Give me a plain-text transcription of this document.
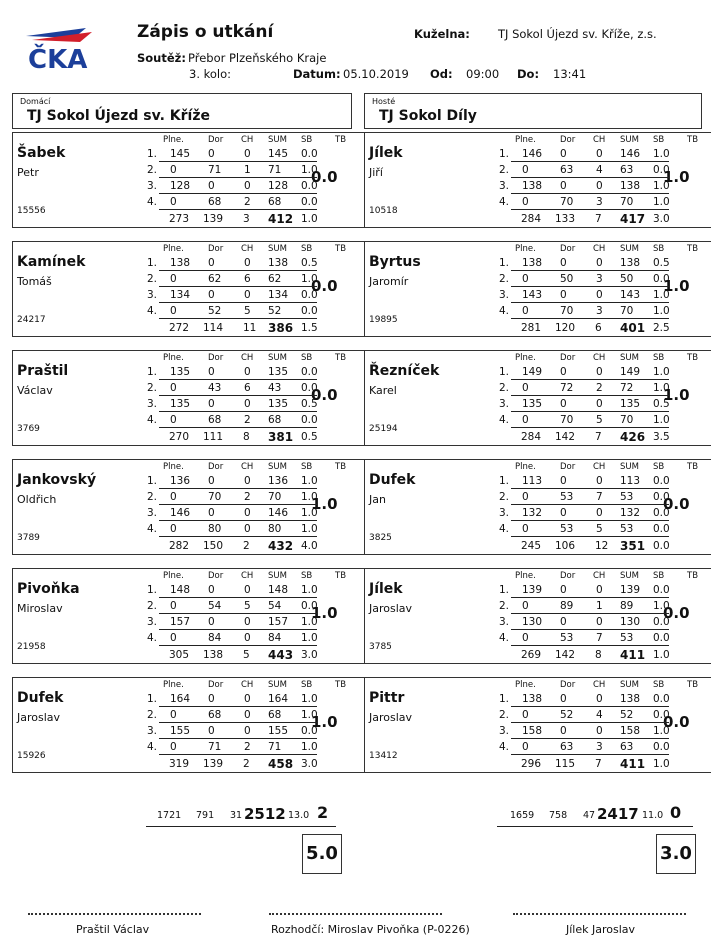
ČKA
Zápis o utkání
Soutěž: Přebor Plzeňského Kraje
3. kolo:	Datum: 05.10.2019 Od: 09:00 Do: 13:41
Kuželna: TJ Sokol Újezd sv. Kříže, z.s.
Domácí
TJ Sokol Újezd sv. Kříže
Hosté
TJ Sokol Díly
Šabek
Petr
15556
0.0
Plne.	Dor CH SUM SB	TB
1. 145 0	0 145 0.0
2. 0	71 1 71 1.0
3. 128 0	0 128 0.0
4. 0	68 2 68 0.0
273 139 3 412 1.0
Kamínek
Tomáš
24217
0.0
Plne.	Dor CH SUM SB	TB
1. 138 0	0 138 0.5
2. 0	62 6 62 1.0
3. 134 0	0 134 0.0
4. 0	52 5 52 0.0
272 114 11 386 1.5
Praštil
Václav
3769
0.0
Plne.	Dor CH SUM SB	TB
1. 135 0	0 135 0.0
2. 0	43 6 43 0.0
3. 135 0	0 135 0.5
4. 0	68 2 68 0.0
270 111 8 381 0.5
Jankovský
Oldřich
3789
1.0
Plne.	Dor CH SUM SB	TB
1. 136 0	0 136 1.0
2. 0	70 2 70 1.0
3. 146 0	0 146 1.0
4. 0	80 0 80 1.0
282 150 2 432 4.0
Pivoňka
Miroslav
21958
1.0
Plne.	Dor CH SUM SB	TB
1. 148 0	0 148 1.0
2. 0	54 5 54 0.0
3. 157 0	0 157 1.0
4. 0	84 0 84 1.0
305 138 5 443 3.0
Dufek
Jaroslav
15926
1.0
Plne.	Dor CH SUM SB	TB
1. 164 0	0 164 1.0
2. 0	68 0 68 1.0
3. 155 0	0 155 0.0
4. 0	71 2 71 1.0
319 139 2 458 3.0
Jílek
Jiří
10518
1.0
Plne.	Dor CH SUM SB	TB
1. 146 0	0 146 1.0
2. 0	63 4 63 0.0
3. 138 0	0 138 1.0
4. 0	70 3 70 1.0
284 133 7 417 3.0
Byrtus
Jaromír
19895
1.0
Plne.	Dor CH SUM SB	TB
1. 138 0	0 138 0.5
2. 0	50 3 50 0.0
3. 143 0	0 143 1.0
4. 0	70 3 70 1.0
281 120 6 401 2.5
Řezníček
Karel
25194
1.0
Plne.	Dor CH SUM SB	TB
1. 149 0	0 149 1.0
2. 0	72 2 72 1.0
3. 135 0	0 135 0.5
4. 0	70 5 70 1.0
284 142 7 426 3.5
Dufek
Jan
3825
0.0
Plne.	Dor CH SUM SB	TB
1. 113 0	0 113 0.0
2. 0	53 7 53 0.0
3. 132 0	0 132 0.0
4. 0	53 5 53 0.0
245 106 12 351 0.0
Jílek
Jaroslav
3785
0.0
Plne.	Dor CH SUM SB	TB
1. 139 0	0 139 0.0
2. 0	89 1 89 1.0
3. 130 0	0 130 0.0
4. 0	53 7 53 0.0
269 142 8 411 1.0
Pittr
Jaroslav
13412
0.0
Plne.	Dor CH SUM SB	TB
1. 138 0	0 138 0.0
2. 0	52 4 52 0.0
3. 158 0	0 158 1.0
4. 0	63 3 63 0.0
296 115 7 411 1.0
1721 791 31 2512 13.0 2	1659 758 47 2417 11.0 0
5.0	3.0
Praštil Václav	Rozhodčí: Miroslav Pivoňka (P-0226)	Jílek Jaroslav
